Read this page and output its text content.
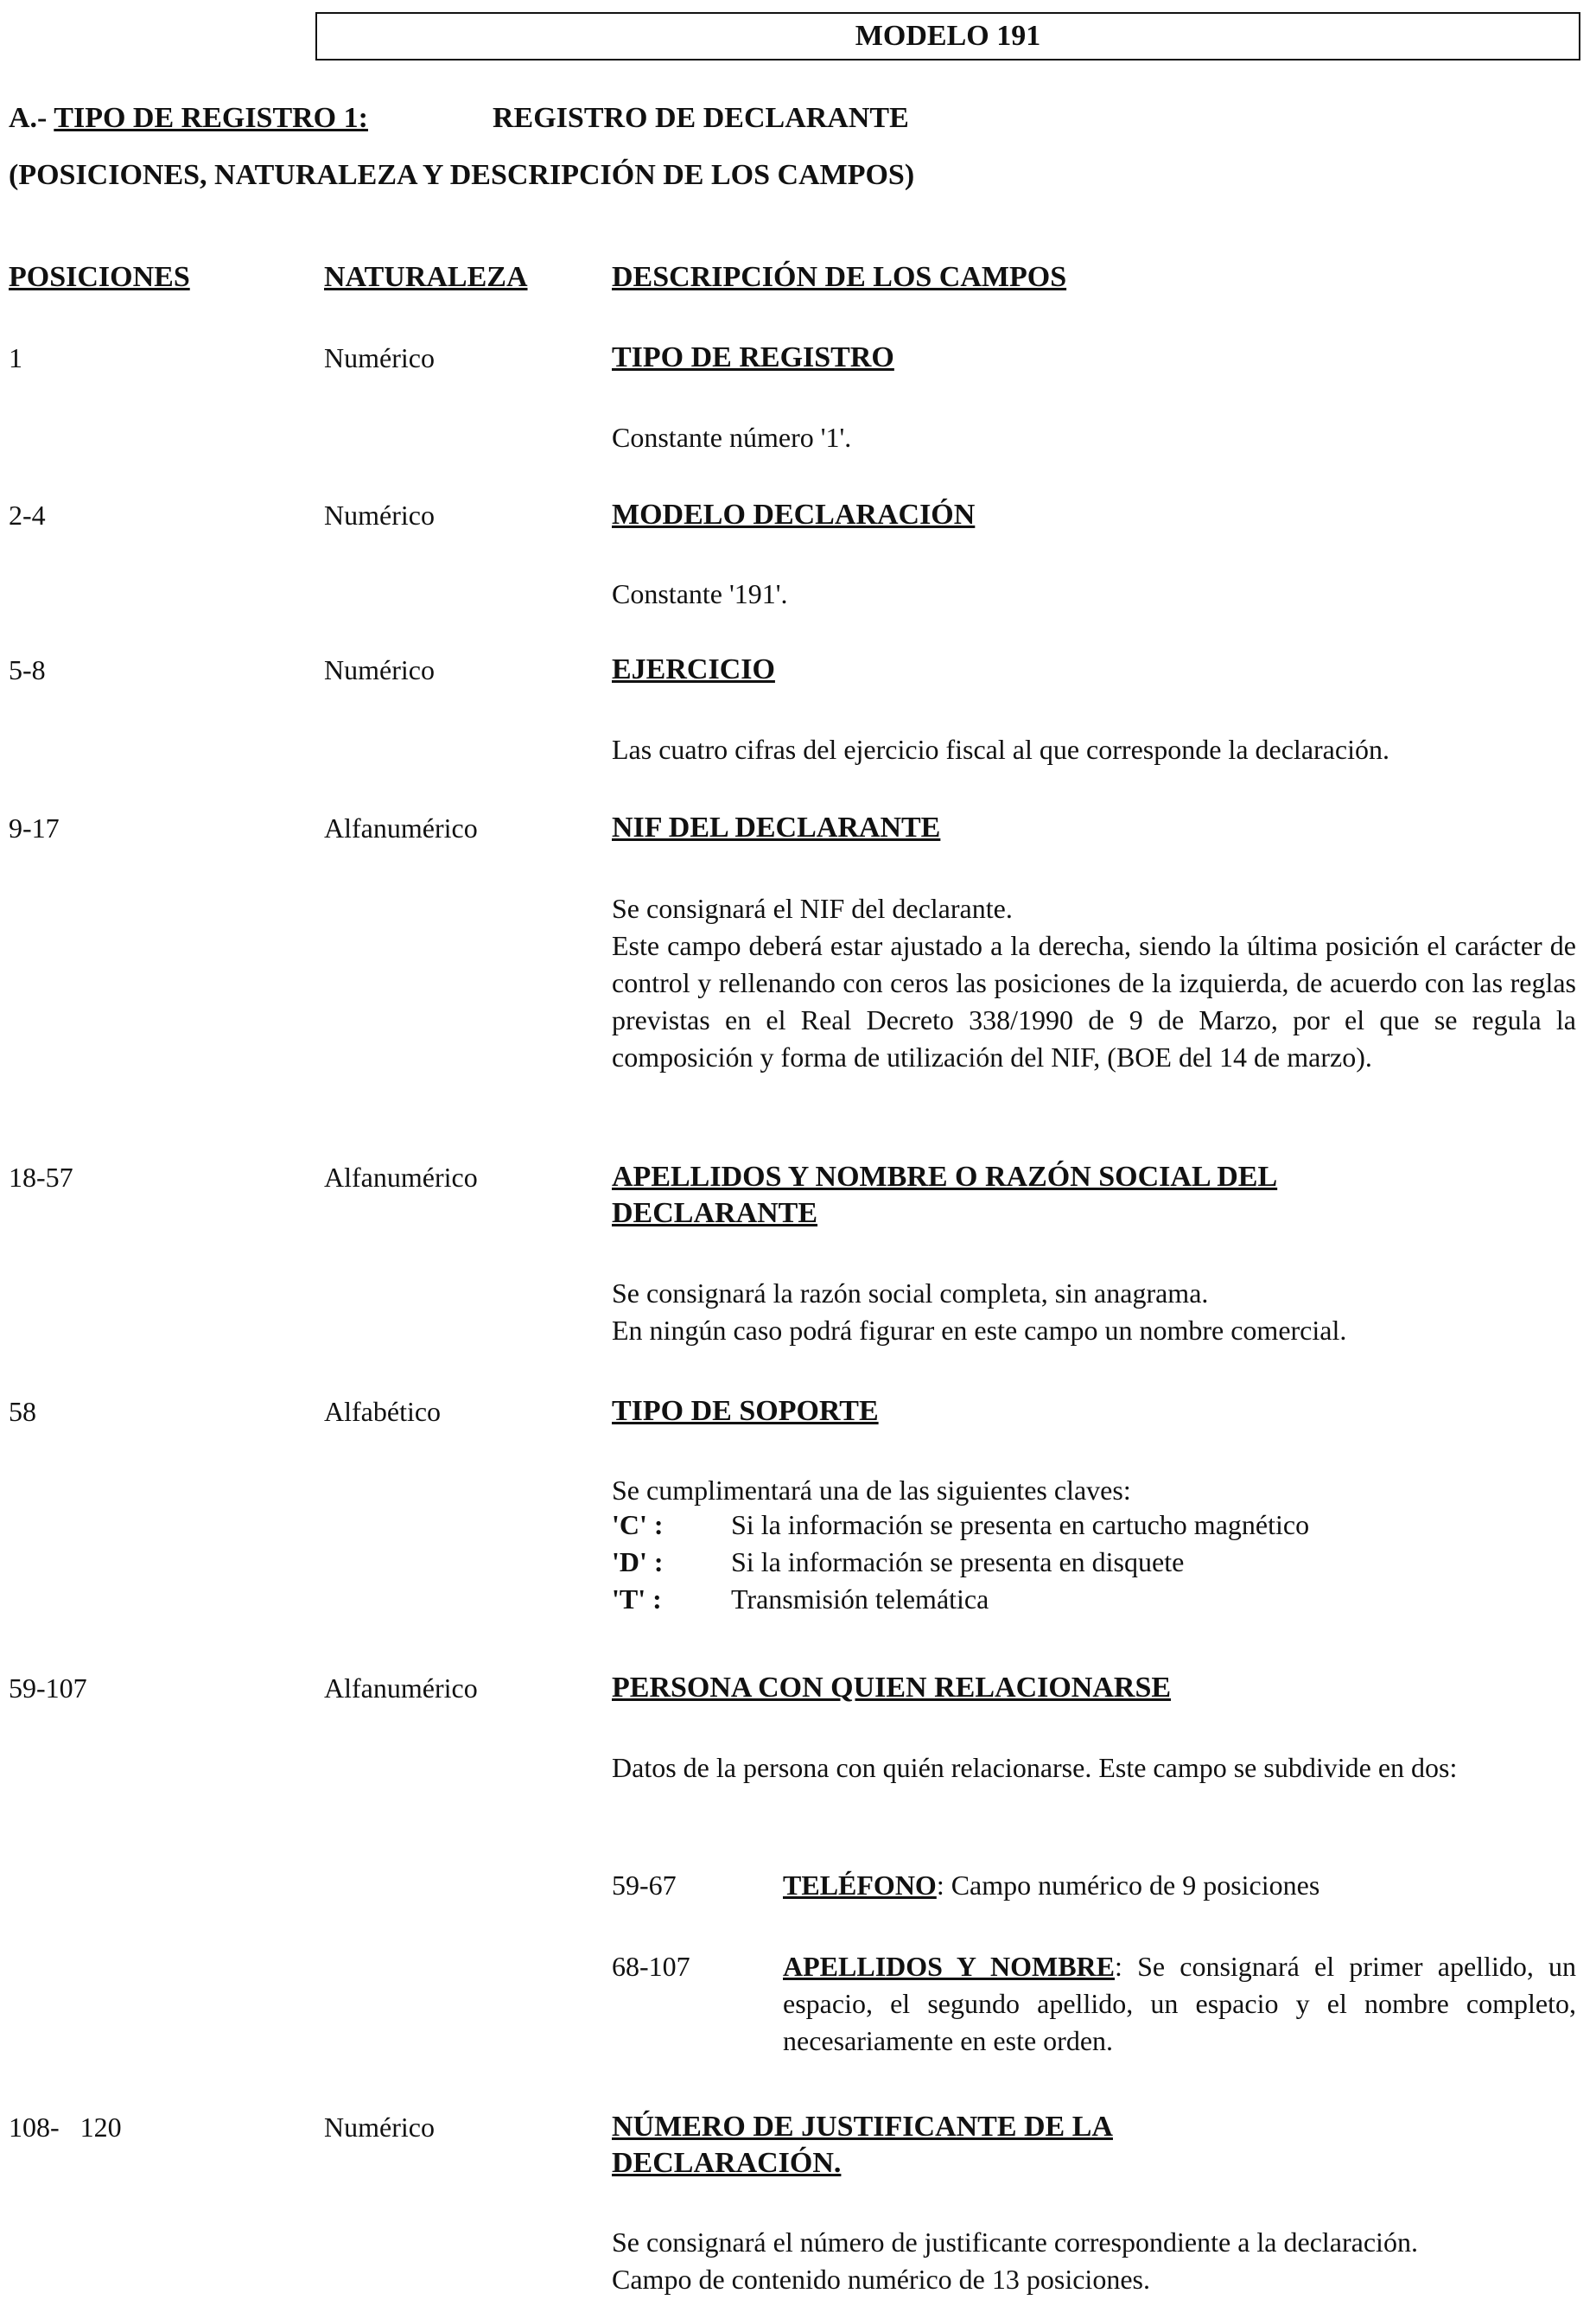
MODELO 191
A.- TIPO DE REGISTRO 1:	REGISTRO DE DECLARANTE
(POSICIONES, NATURALEZA Y DESCRIPCIÓN DE LOS CAMPOS)
POSICIONES	NATURALEZA	DESCRIPCIÓN DE LOS CAMPOS
1	Numérico	TIPO DE REGISTRO
Constante número '1'.
2-4	Numérico	MODELO DECLARACIÓN
Constante '191'.
5-8	Numérico	EJERCICIO
Las cuatro cifras del ejercicio fiscal al que corresponde la declaración.
9-17	Alfanumérico	NIF DEL DECLARANTE
Se consignará el NIF del declarante.
Este campo deberá estar ajustado a la derecha, siendo la última posición el carácter de control y rellenando con ceros las posiciones de la izquierda, de acuerdo con las reglas previstas en el Real Decreto 338/1990 de 9 de Marzo, por el que se regula la composición y forma de utilización del NIF, (BOE del 14 de marzo).
18-57	Alfanumérico	APELLIDOS Y NOMBRE O RAZÓN SOCIAL DEL
DECLARANTE
Se consignará la razón social completa, sin anagrama.
En ningún caso podrá figurar en este campo un nombre comercial.
58	Alfabético	TIPO DE SOPORTE
Se cumplimentará una de las siguientes claves:
'C' : Si la información se presenta en cartucho magnético
'D' : Si la información se presenta en disquete
'T' :	Transmisión telemática
59-107	Alfanumérico	PERSONA CON QUIEN RELACIONARSE
Datos de la persona con quién relacionarse. Este campo se subdivide en dos:
59-67	TELÉFONO: Campo numérico de 9 posiciones
68-107	APELLIDOS Y NOMBRE: Se consignará el primer apellido, un espacio, el segundo apellido, un espacio y el nombre completo, necesariamente en este orden.
108-   120	Numérico	NÚMERO DE JUSTIFICANTE DE LA
DECLARACIÓN.
Se consignará el número de justificante correspondiente a la declaración.
Campo de contenido numérico de 13 posiciones.
